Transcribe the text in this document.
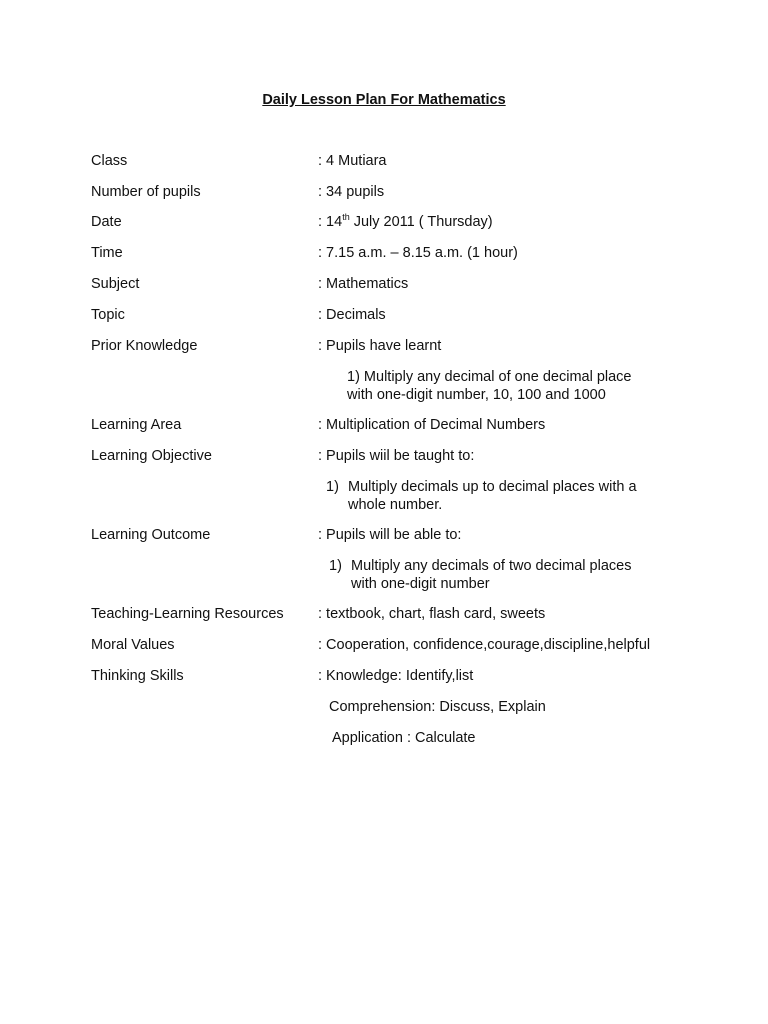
Daily Lesson Plan For Mathematics
Class	: 4 Mutiara
Number of pupils	: 34 pupils
Date	: 14th July 2011 ( Thursday)
Time	: 7.15 a.m. – 8.15 a.m. (1 hour)
Subject	: Mathematics
Topic	: Decimals
Prior Knowledge	: Pupils have learnt
1) Multiply any decimal of one decimal place
with one-digit number, 10, 100 and 1000
Learning Area	: Multiplication of Decimal Numbers
Learning Objective	: Pupils wiil be taught to:
1) Multiply decimals up to decimal places with a
whole number.
Learning Outcome	: Pupils will be able to:
1) Multiply any decimals of two decimal places
with one-digit number
Teaching-Learning Resources : textbook, chart, flash card, sweets
Moral Values	: Cooperation, confidence,courage,discipline,helpful
Thinking Skills	: Knowledge: Identify,list
Comprehension: Discuss, Explain
Application : Calculate
